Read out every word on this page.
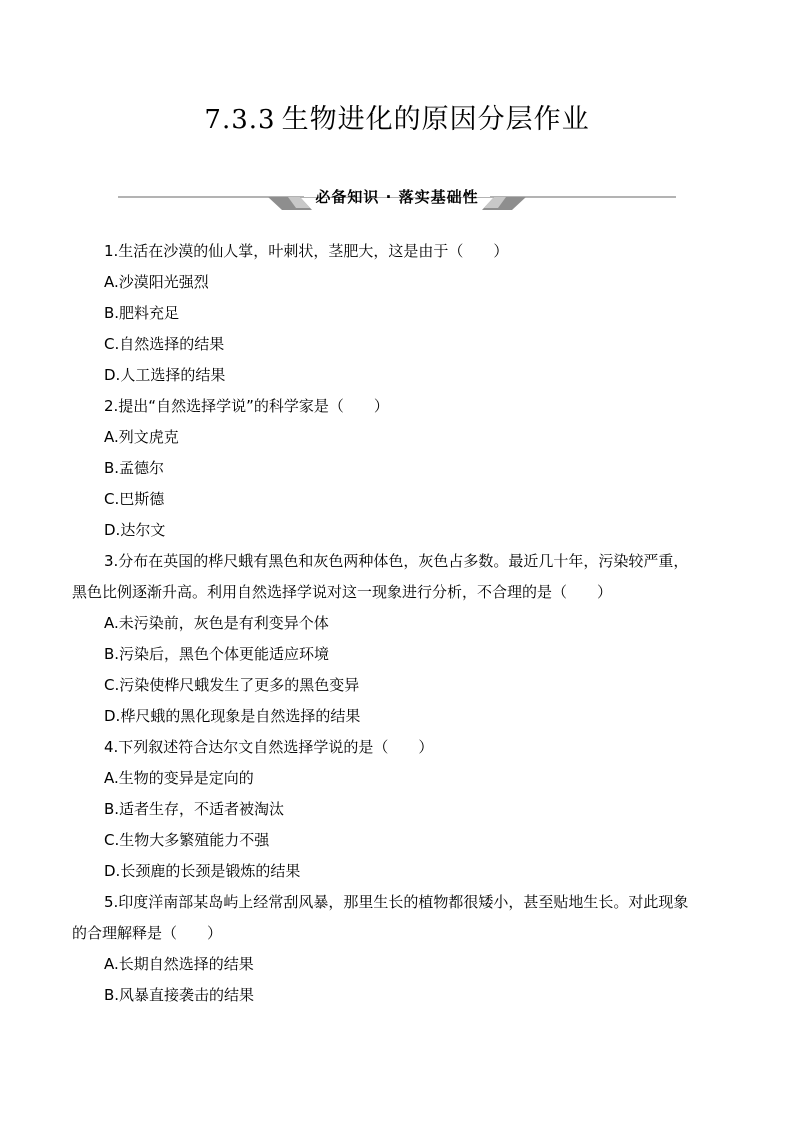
7.3.3 生物进化的原因分层作业
必备知识 · 落实基础性
1.生活在沙漠的仙人掌，叶刺状，茎肥大，这是由于（　　）
A.沙漠阳光强烈
B.肥料充足
C.自然选择的结果
D.人工选择的结果
2.提出“自然选择学说”的科学家是（　　）
A.列文虎克
B.孟德尔
C.巴斯德
D.达尔文
3.分布在英国的桦尺蛾有黑色和灰色两种体色，灰色占多数。最近几十年，污染较严重，
黑色比例逐渐升高。利用自然选择学说对这一现象进行分析，不合理的是（　　）
A.未污染前，灰色是有利变异个体
B.污染后，黑色个体更能适应环境
C.污染使桦尺蛾发生了更多的黑色变异
D.桦尺蛾的黑化现象是自然选择的结果
4.下列叙述符合达尔文自然选择学说的是（　　）
A.生物的变异是定向的
B.适者生存，不适者被淘汰
C.生物大多繁殖能力不强
D.长颈鹿的长颈是锻炼的结果
5.印度洋南部某岛屿上经常刮风暴，那里生长的植物都很矮小，甚至贴地生长。对此现象
的合理解释是（　　）
A.长期自然选择的结果
B.风暴直接袭击的结果
